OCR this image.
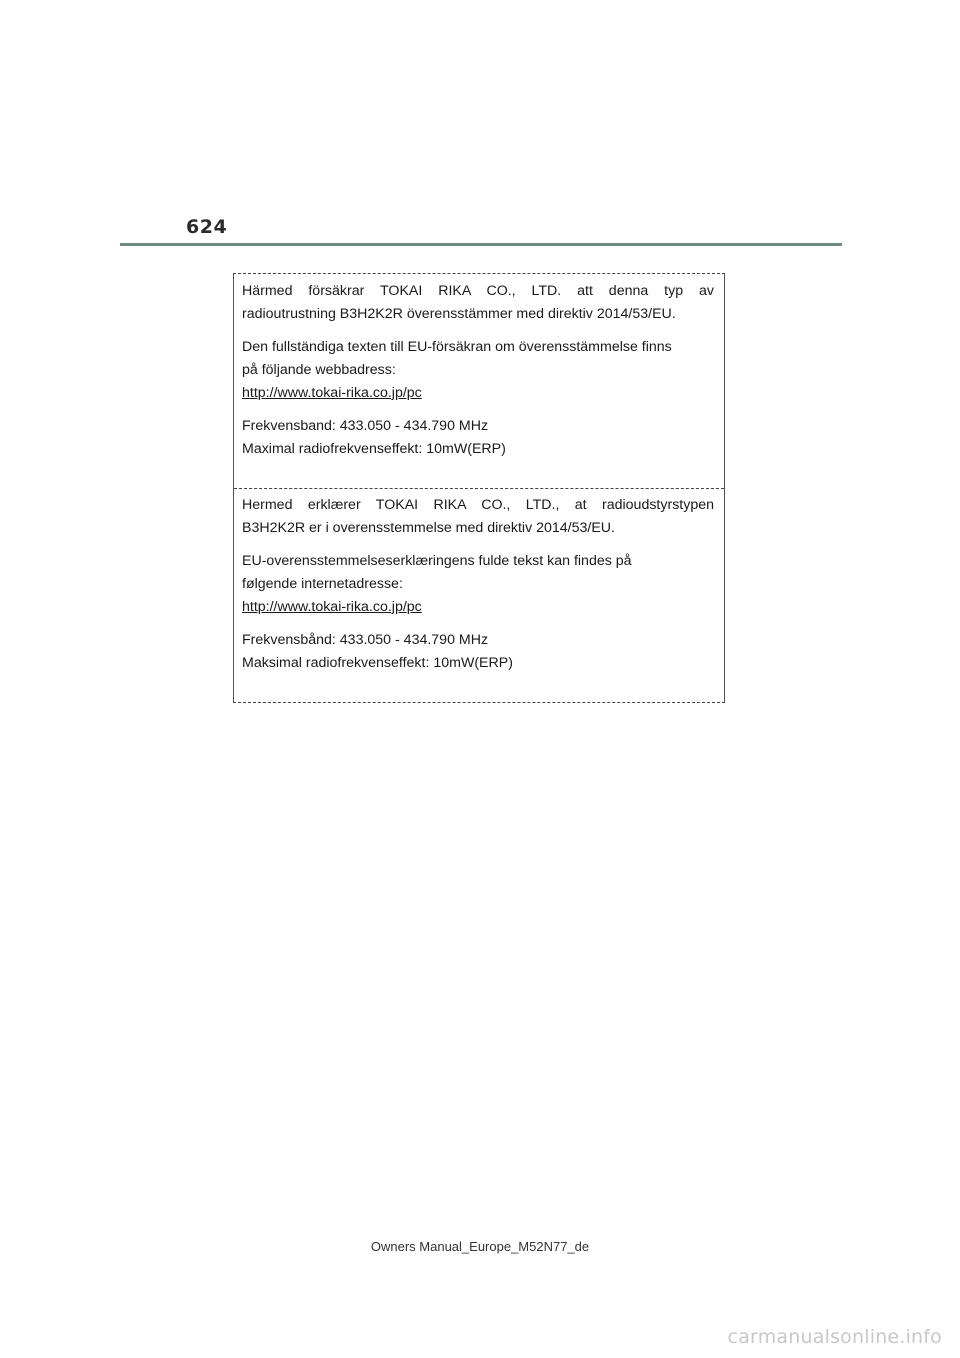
624

Härmed försäkrar TOKAI RIKA CO., LTD. att denna typ av
radioutrustning B3H2K2R överensstämmer med direktiv 2014/53/EU.

Den fullständiga texten till EU-försäkran om överensstämmelse finns
på följande webbadress:
http://www.tokai-rika.co.jp/pc

Frekvensband: 433.050 - 434.790 MHz
Maximal radiofrekvenseffekt: 10mW(ERP)

Hermed erklærer TOKAI RIKA CO., LTD., at radioudstyrstypen
B3H2K2R er i overensstemmelse med direktiv 2014/53/EU.

EU-overensstemmelseserklæringens fulde tekst kan findes på
følgende internetadresse:
http://www.tokai-rika.co.jp/pc

Frekvensbånd: 433.050 - 434.790 MHz
Maksimal radiofrekvenseffekt: 10mW(ERP)

Owners Manual_Europe_M52N77_de
carmanualsonline.info
